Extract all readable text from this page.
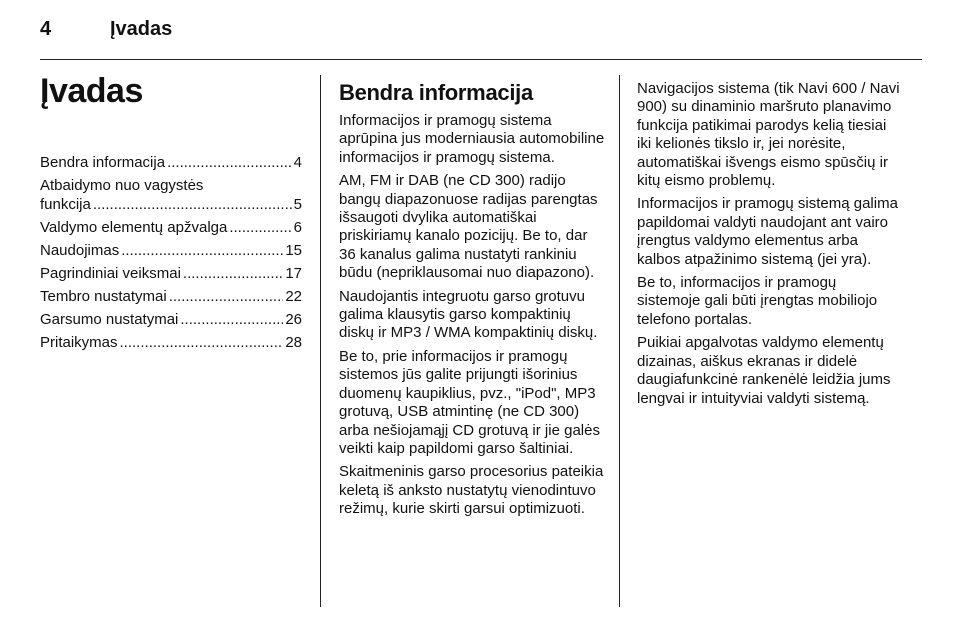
4	Įvadas
Įvadas
Bendra informacija .....	4
Atbaidymo nuo vagystės
funkcija .....	5
Valdymo elementų apžvalga .....	6
Naudojimas .....	15
Pagrindiniai veiksmai .....	17
Tembro nustatymai .....	22
Garsumo nustatymai .....	26
Pritaikymas .....	28
Bendra informacija

Informacijos ir pramogų sistema aprūpina jus moderniausia automobiline informacijos ir pramogų sistema.

AM, FM ir DAB (ne CD 300) radijo bangų diapazonuose radijas parengtas išsaugoti dvylika automatiškai priskiriamų kanalo pozicijų. Be to, dar 36 kanalus galima nustatyti rankiniu būdu (nepriklausomai nuo diapazono).

Naudojantis integruotu garso grotuvu galima klausytis garso kompaktinių diskų ir MP3 / WMA kompaktinių diskų.

Be to, prie informacijos ir pramogų sistemos jūs galite prijungti išorinius duomenų kaupiklius, pvz., "iPod", MP3 grotuvą, USB atmintinę (ne CD 300) arba nešiojamąjį CD grotuvą ir jie galės veikti kaip papildomi garso šaltiniai.

Skaitmeninis garso procesorius pateikia keletą iš anksto nustatytų vienodintuvo režimų, kurie skirti garsui optimizuoti.

Navigacijos sistema (tik Navi 600 / Navi 900) su dinaminio maršruto planavimo funkcija patikimai parodys kelią tiesiai iki kelionės tikslo ir, jei norėsite, automatiškai išvengs eismo spūsčių ir kitų eismo problemų.

Informacijos ir pramogų sistemą galima papildomai valdyti naudojant ant vairo įrengtus valdymo elementus arba kalbos atpažinimo sistemą (jei yra).

Be to, informacijos ir pramogų sistemoje gali būti įrengtas mobiliojo telefono portalas.

Puikiai apgalvotas valdymo elementų dizainas, aiškus ekranas ir didelė daugiafunkcinė rankenėlė leidžia jums lengvai ir intuityviai valdyti sistemą.
